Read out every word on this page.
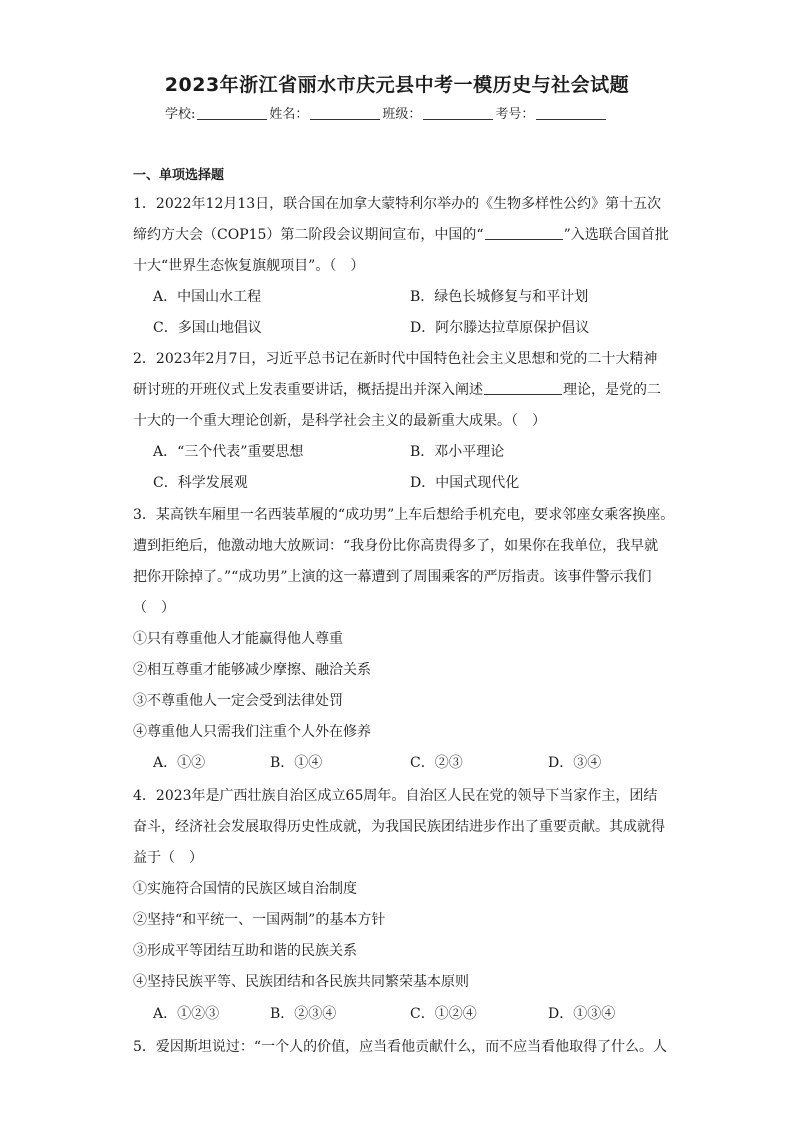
2023年浙江省丽水市庆元县中考一模历史与社会试题
学校:	姓名：	班级：	考号：
一、单项选择题
1．2022年12月13日，联合国在加拿大蒙特利尔举办的《生物多样性公约》第十五次
缔约方大会（COP15）第二阶段会议期间宣布，中国的“	”入选联合国首批
十大“世界生态恢复旗舰项目”。（　）
A．中国山水工程	B．绿色长城修复与和平计划
C．多国山地倡议	D．阿尔滕达拉草原保护倡议
2．2023年2月7日，习近平总书记在新时代中国特色社会主义思想和党的二十大精神
研讨班的开班仪式上发表重要讲话，概括提出并深入阐述	理论，是党的二
十大的一个重大理论创新，是科学社会主义的最新重大成果。（　）
A．“三个代表”重要思想	B．邓小平理论
C．科学发展观	D．中国式现代化
3．某高铁车厢里一名西装革履的“成功男”上车后想给手机充电，要求邻座女乘客换座。
遭到拒绝后，他激动地大放厥词：“我身份比你高贵得多了，如果你在我单位，我早就
把你开除掉了。”“成功男”上演的这一幕遭到了周围乘客的严厉指责。该事件警示我们
（　）
①只有尊重他人才能赢得他人尊重
②相互尊重才能够减少摩擦、融洽关系
③不尊重他人一定会受到法律处罚
④尊重他人只需我们注重个人外在修养
A．①②	B．①④	C．②③	D．③④
4．2023年是广西壮族自治区成立65周年。自治区人民在党的领导下当家作主，团结
奋斗，经济社会发展取得历史性成就，为我国民族团结进步作出了重要贡献。其成就得
益于（　）
①实施符合国情的民族区域自治制度
②坚持“和平统一、一国两制”的基本方针
③形成平等团结互助和谐的民族关系
④坚持民族平等、民族团结和各民族共同繁荣基本原则
A．①②③	B．②③④	C．①②④	D．①③④
5．爱因斯坦说过：“一个人的价值，应当看他贡献什么，而不应当看他取得了什么。人
